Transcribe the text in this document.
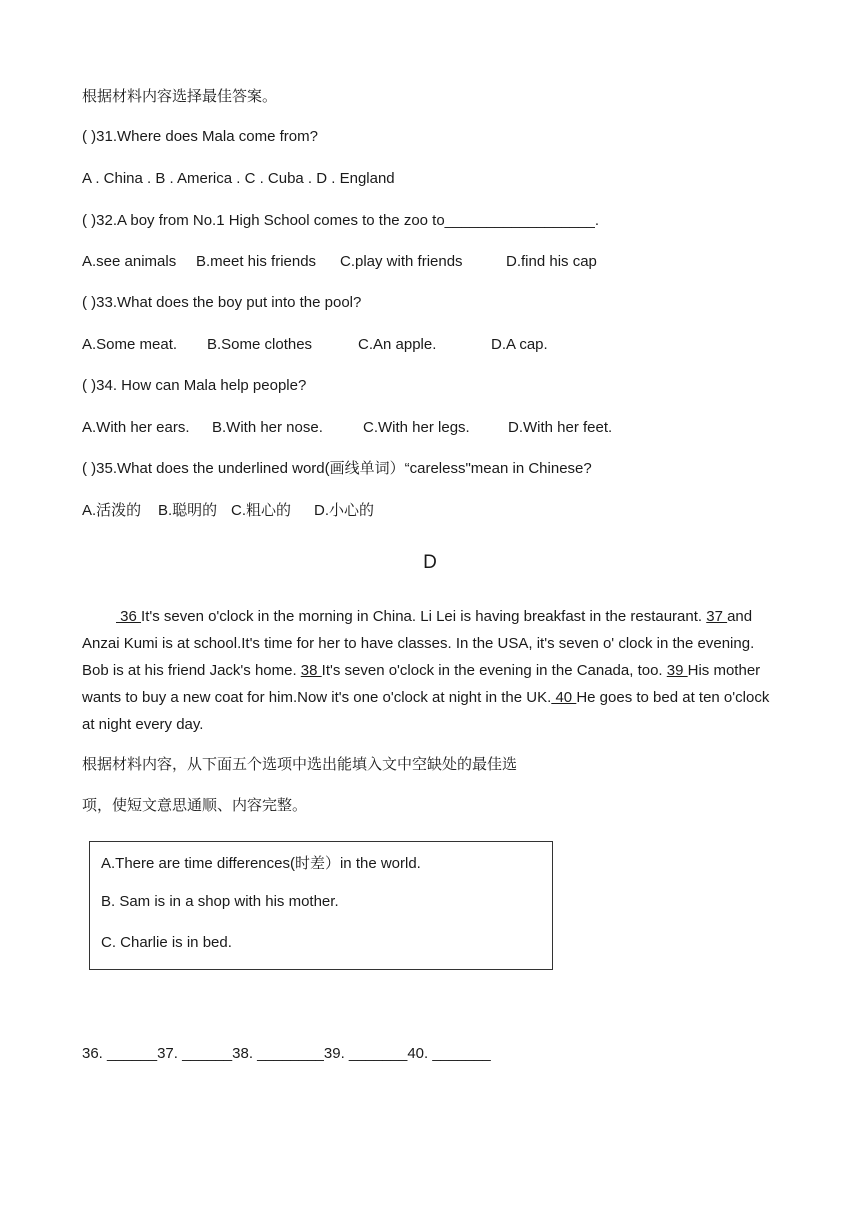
根据材料内容选择最佳答案。
( )31.Where does Mala come from?
A . China . B . America . C . Cuba . D . England
( )32.A boy from No.1 High School comes to the zoo to__________________.
A.see animals B.meet his friends C.play with friends	D.find his cap
( )33.What does the boy put into the pool?
A.Some meat. B.Some clothes	C.An apple.	D.A cap.
( )34. How can Mala help people?
A.With her ears. B.With her nose.	C.With her legs.	D.With her feet.
( )35.What does the underlined word(画线单词）“careless"mean in Chinese?
A.活泼的 B.聪明的 C.粗心的 D.小心的
D
36 It's seven o'clock in the morning in China. Li Lei is having breakfast in the restaurant. 37 and Anzai Kumi is at school.It's time for her to have classes. In the USA, it's seven o' clock in the evening. Bob is at his friend Jack's home. 38 It's seven o'clock in the evening in the Canada, too. 39 His mother wants to buy a new coat for him.Now it's one o'clock at night in the UK. 40 He goes to bed at ten o'clock at night every day.
根据材料内容，从下面五个选项中选出能填入文中空缺处的最佳选
项，使短文意思通顺、内容完整。
A.There are time differences(时差）in the world.
B. Sam is in a shop with his mother.
C. Charlie is in bed.
36. ______37. ______38. ________39. _______40. _______
